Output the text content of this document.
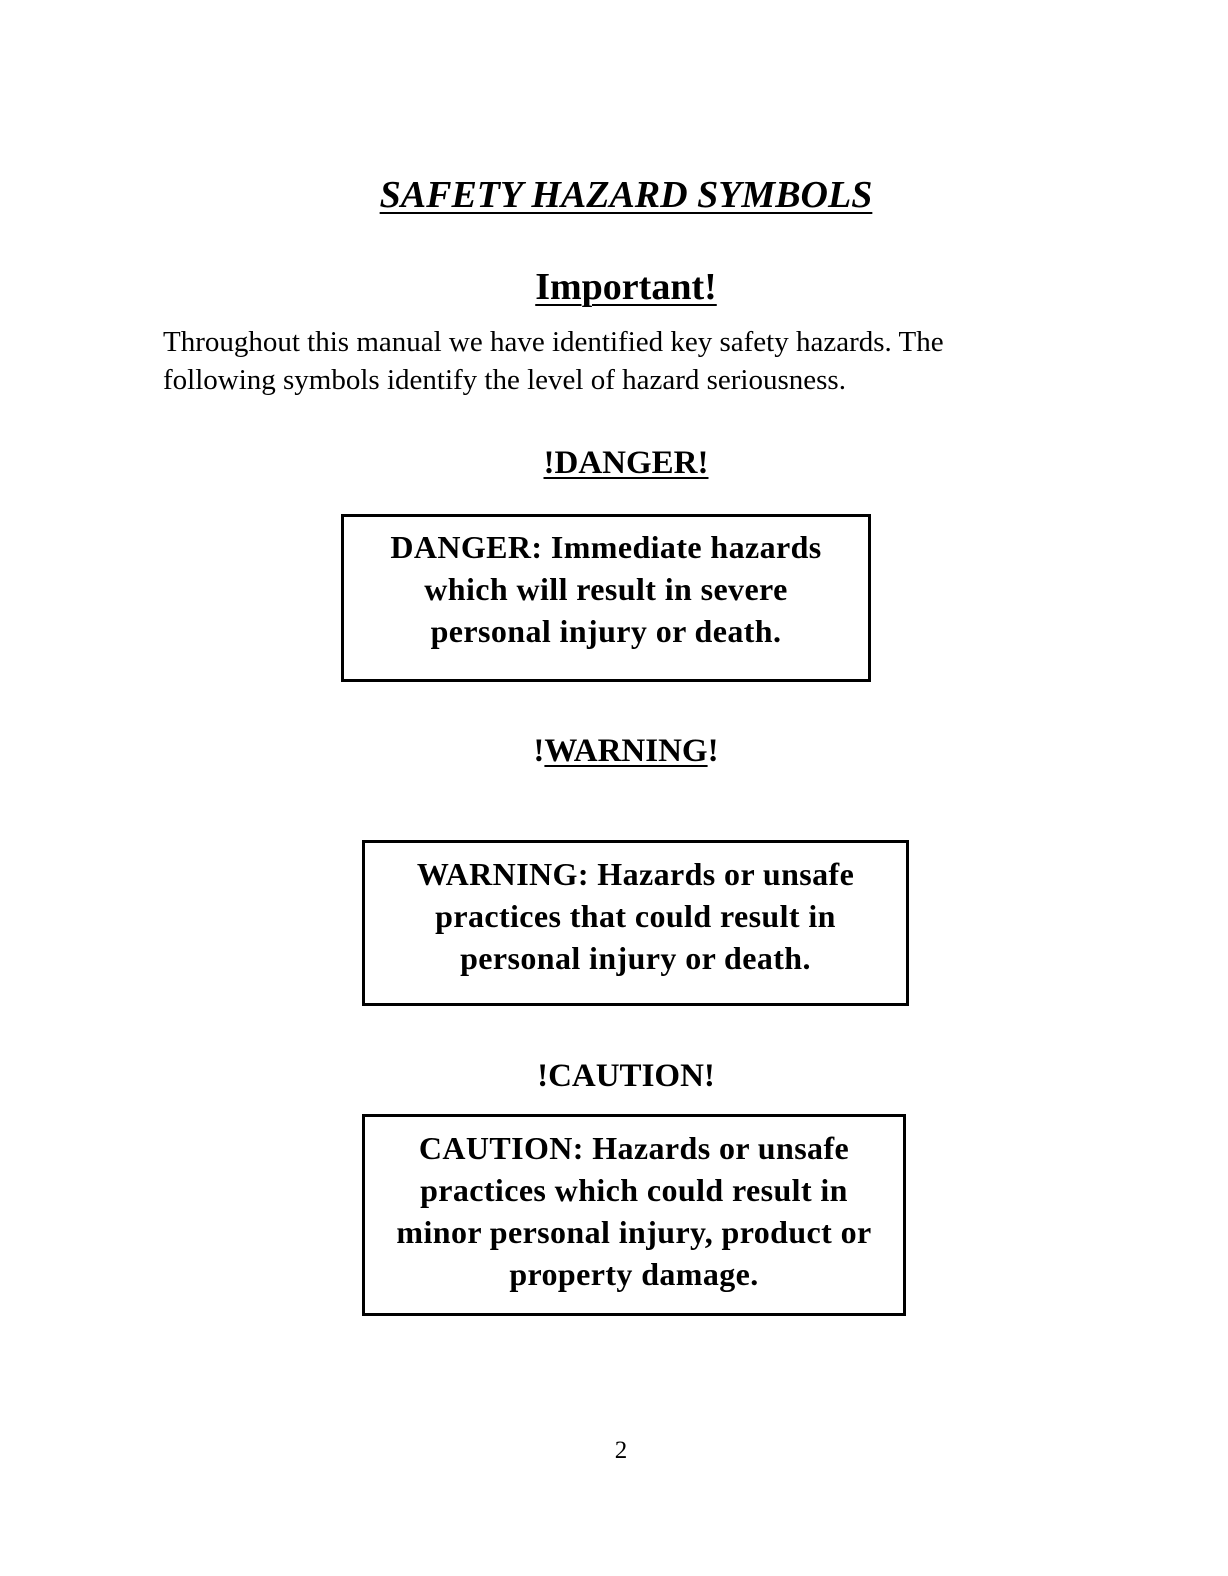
SAFETY HAZARD SYMBOLS
Important!

Throughout this manual we have identified key safety hazards. The

following symbols identify the level of hazard seriousness.

!DANGER!
DANGER: Immediate hazards
which will result in severe
personal injury or death.
!WARNING!
WARNING: Hazards or unsafe
practices that could result in
personal injury or death.
!CAUTION!
CAUTION: Hazards or unsafe
practices which could result in
minor personal injury, product or
property damage.
2
